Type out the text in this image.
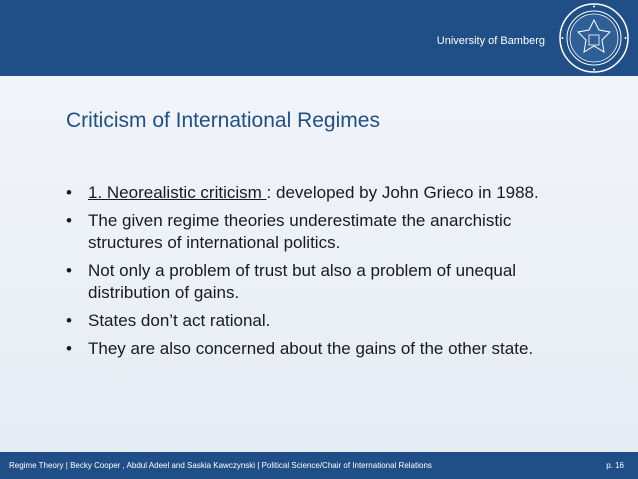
University of Bamberg
Criticism of International Regimes
• 1. Neorealistic criticism : developed by John Grieco in 1988.
• The given regime theories underestimate the anarchistic structures of international politics.
• Not only a problem of trust but also a problem of unequal distribution of gains.
• States don’t act rational.
• They are also concerned about the gains of the other state.
Regime Theory | Becky Cooper , Abdul Adeel and Saskia Kawczynski | Political Science/Chair of International Relations	p. 16
